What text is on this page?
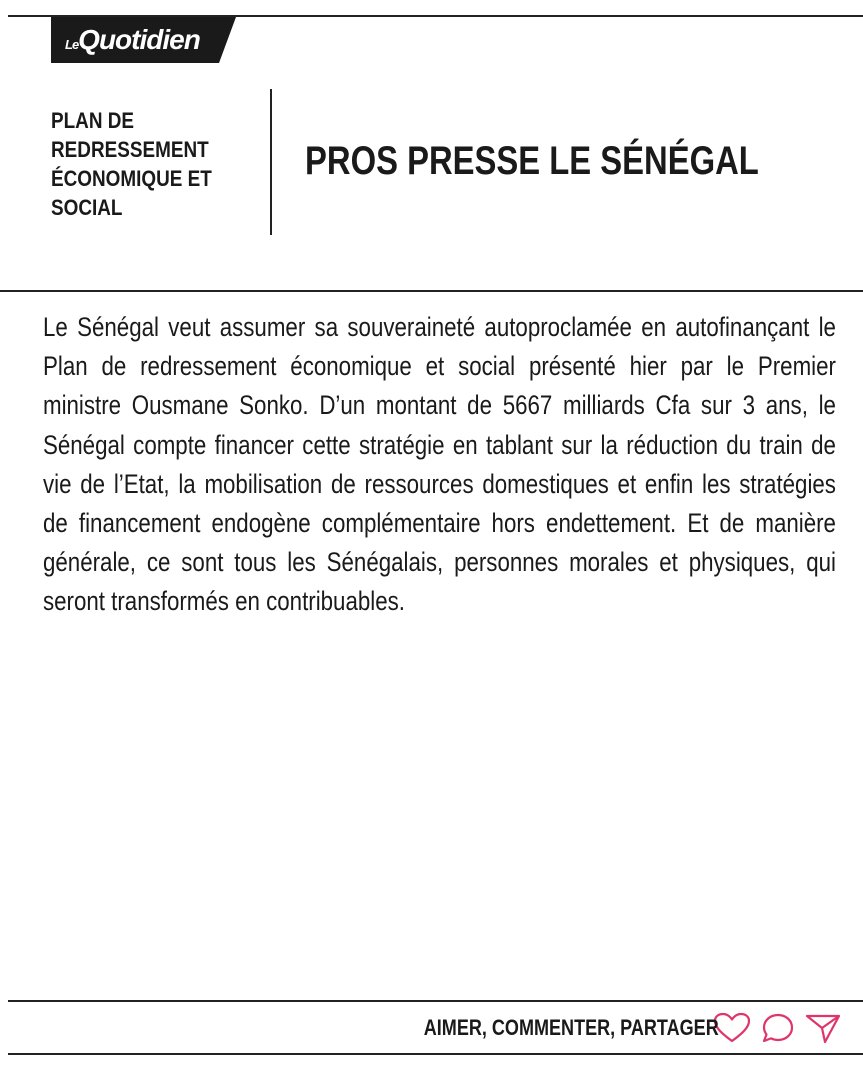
LeQuotidien
PLAN DE
REDRESSEMENT
ÉCONOMIQUE ET
SOCIAL
PROS PRESSE LE SÉNÉGAL

Le Sénégal veut assumer sa souveraineté autoproclamée en autofinançant le Plan de redressement économique et social présenté hier par le Premier ministre Ousmane Sonko. D’un montant de 5667 milliards Cfa sur 3 ans, le Sénégal compte financer cette stratégie en tablant sur la réduction du train de vie de l’Etat, la mobilisation de ressources domestiques et enfin les stratégies de financement endogène complémentaire hors endettement. Et de manière générale, ce sont tous les Sénégalais, personnes morales et physiques, qui seront transformés en contribuables.

AIMER, COMMENTER, PARTAGER
